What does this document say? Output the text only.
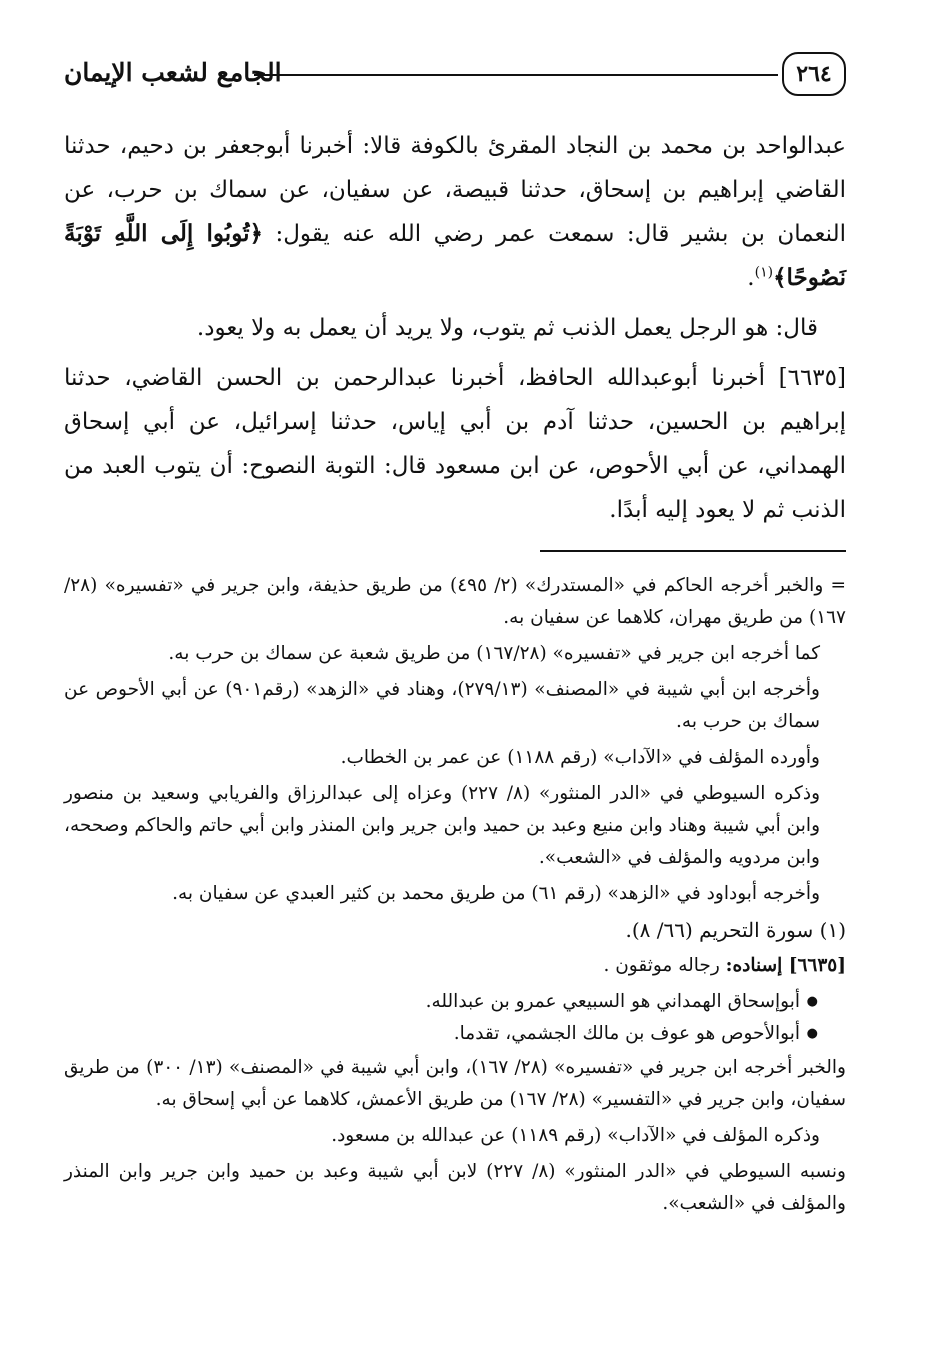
الجامع لشعب الإيمان	٢٦٤

عبدالواحد بن محمد بن النجاد المقرئ بالكوفة قالا: أخبرنا أبوجعفر بن دحيم، حدثنا القاضي إبراهيم بن إسحاق، حدثنا قبيصة، عن سفيان، عن سماك بن حرب، عن النعمان بن بشير قال: سمعت عمر رضي الله عنه يقول: ﴿تُوبُوا إِلَى اللَّهِ تَوْبَةً نَصُوحًا﴾$^{(١)}$.

قال: هو الرجل يعمل الذنب ثم يتوب، ولا يريد أن يعمل به ولا يعود.

[٦٦٣٥] أخبرنا أبوعبدالله الحافظ، أخبرنا عبدالرحمن بن الحسن القاضي، حدثنا إبراهيم بن الحسين، حدثنا آدم بن أبي إياس، حدثنا إسرائيل، عن أبي إسحاق الهمداني، عن أبي الأحوص، عن ابن مسعود قال: التوبة النصوح: أن يتوب العبد من الذنب ثم لا يعود إليه أبدًا.

= والخبر أخرجه الحاكم في «المستدرك» (٢/ ٤٩٥) من طريق حذيفة، وابن جرير في «تفسيره» (٢٨/ ١٦٧) من طريق مهران، كلاهما عن سفيان به.

كما أخرجه ابن جرير في «تفسيره» (١٦٧/٢٨) من طريق شعبة عن سماك بن حرب به.

وأخرجه ابن أبي شيبة في «المصنف» (٢٧٩/١٣)، وهناد في «الزهد» (رقم٩٠١) عن أبي الأحوص عن سماك بن حرب به.

وأورده المؤلف في «الآداب» (رقم ١١٨٨) عن عمر بن الخطاب.

وذكره السيوطي في «الدر المنثور» (٨/ ٢٢٧) وعزاه إلى عبدالرزاق والفريابي وسعيد بن منصور وابن أبي شيبة وهناد وابن منيع وعبد بن حميد وابن جرير وابن المنذر وابن أبي حاتم والحاكم وصححه، وابن مردويه والمؤلف في «الشعب».

وأخرجه أبوداود في «الزهد» (رقم ٦١) من طريق محمد بن كثير العبدي عن سفيان به.

(١) سورة التحريم (٦٦/ ٨).

[٦٦٣٥] إسناده: رجاله موثقون .

● أبوإسحاق الهمداني هو السبيعي عمرو بن عبدالله.
● أبوالأحوص هو عوف بن مالك الجشمي، تقدما.

والخبر أخرجه ابن جرير في «تفسيره» (٢٨/ ١٦٧)، وابن أبي شيبة في «المصنف» (١٣/ ٣٠٠) من طريق سفيان، وابن جرير في «التفسير» (٢٨/ ١٦٧) من طريق الأعمش، كلاهما عن أبي إسحاق به.

وذكره المؤلف في «الآداب» (رقم ١١٨٩) عن عبدالله بن مسعود.

ونسبه السيوطي في «الدر المنثور» (٨/ ٢٢٧) لابن أبي شيبة وعبد بن حميد وابن جرير وابن المنذر والمؤلف في «الشعب».
